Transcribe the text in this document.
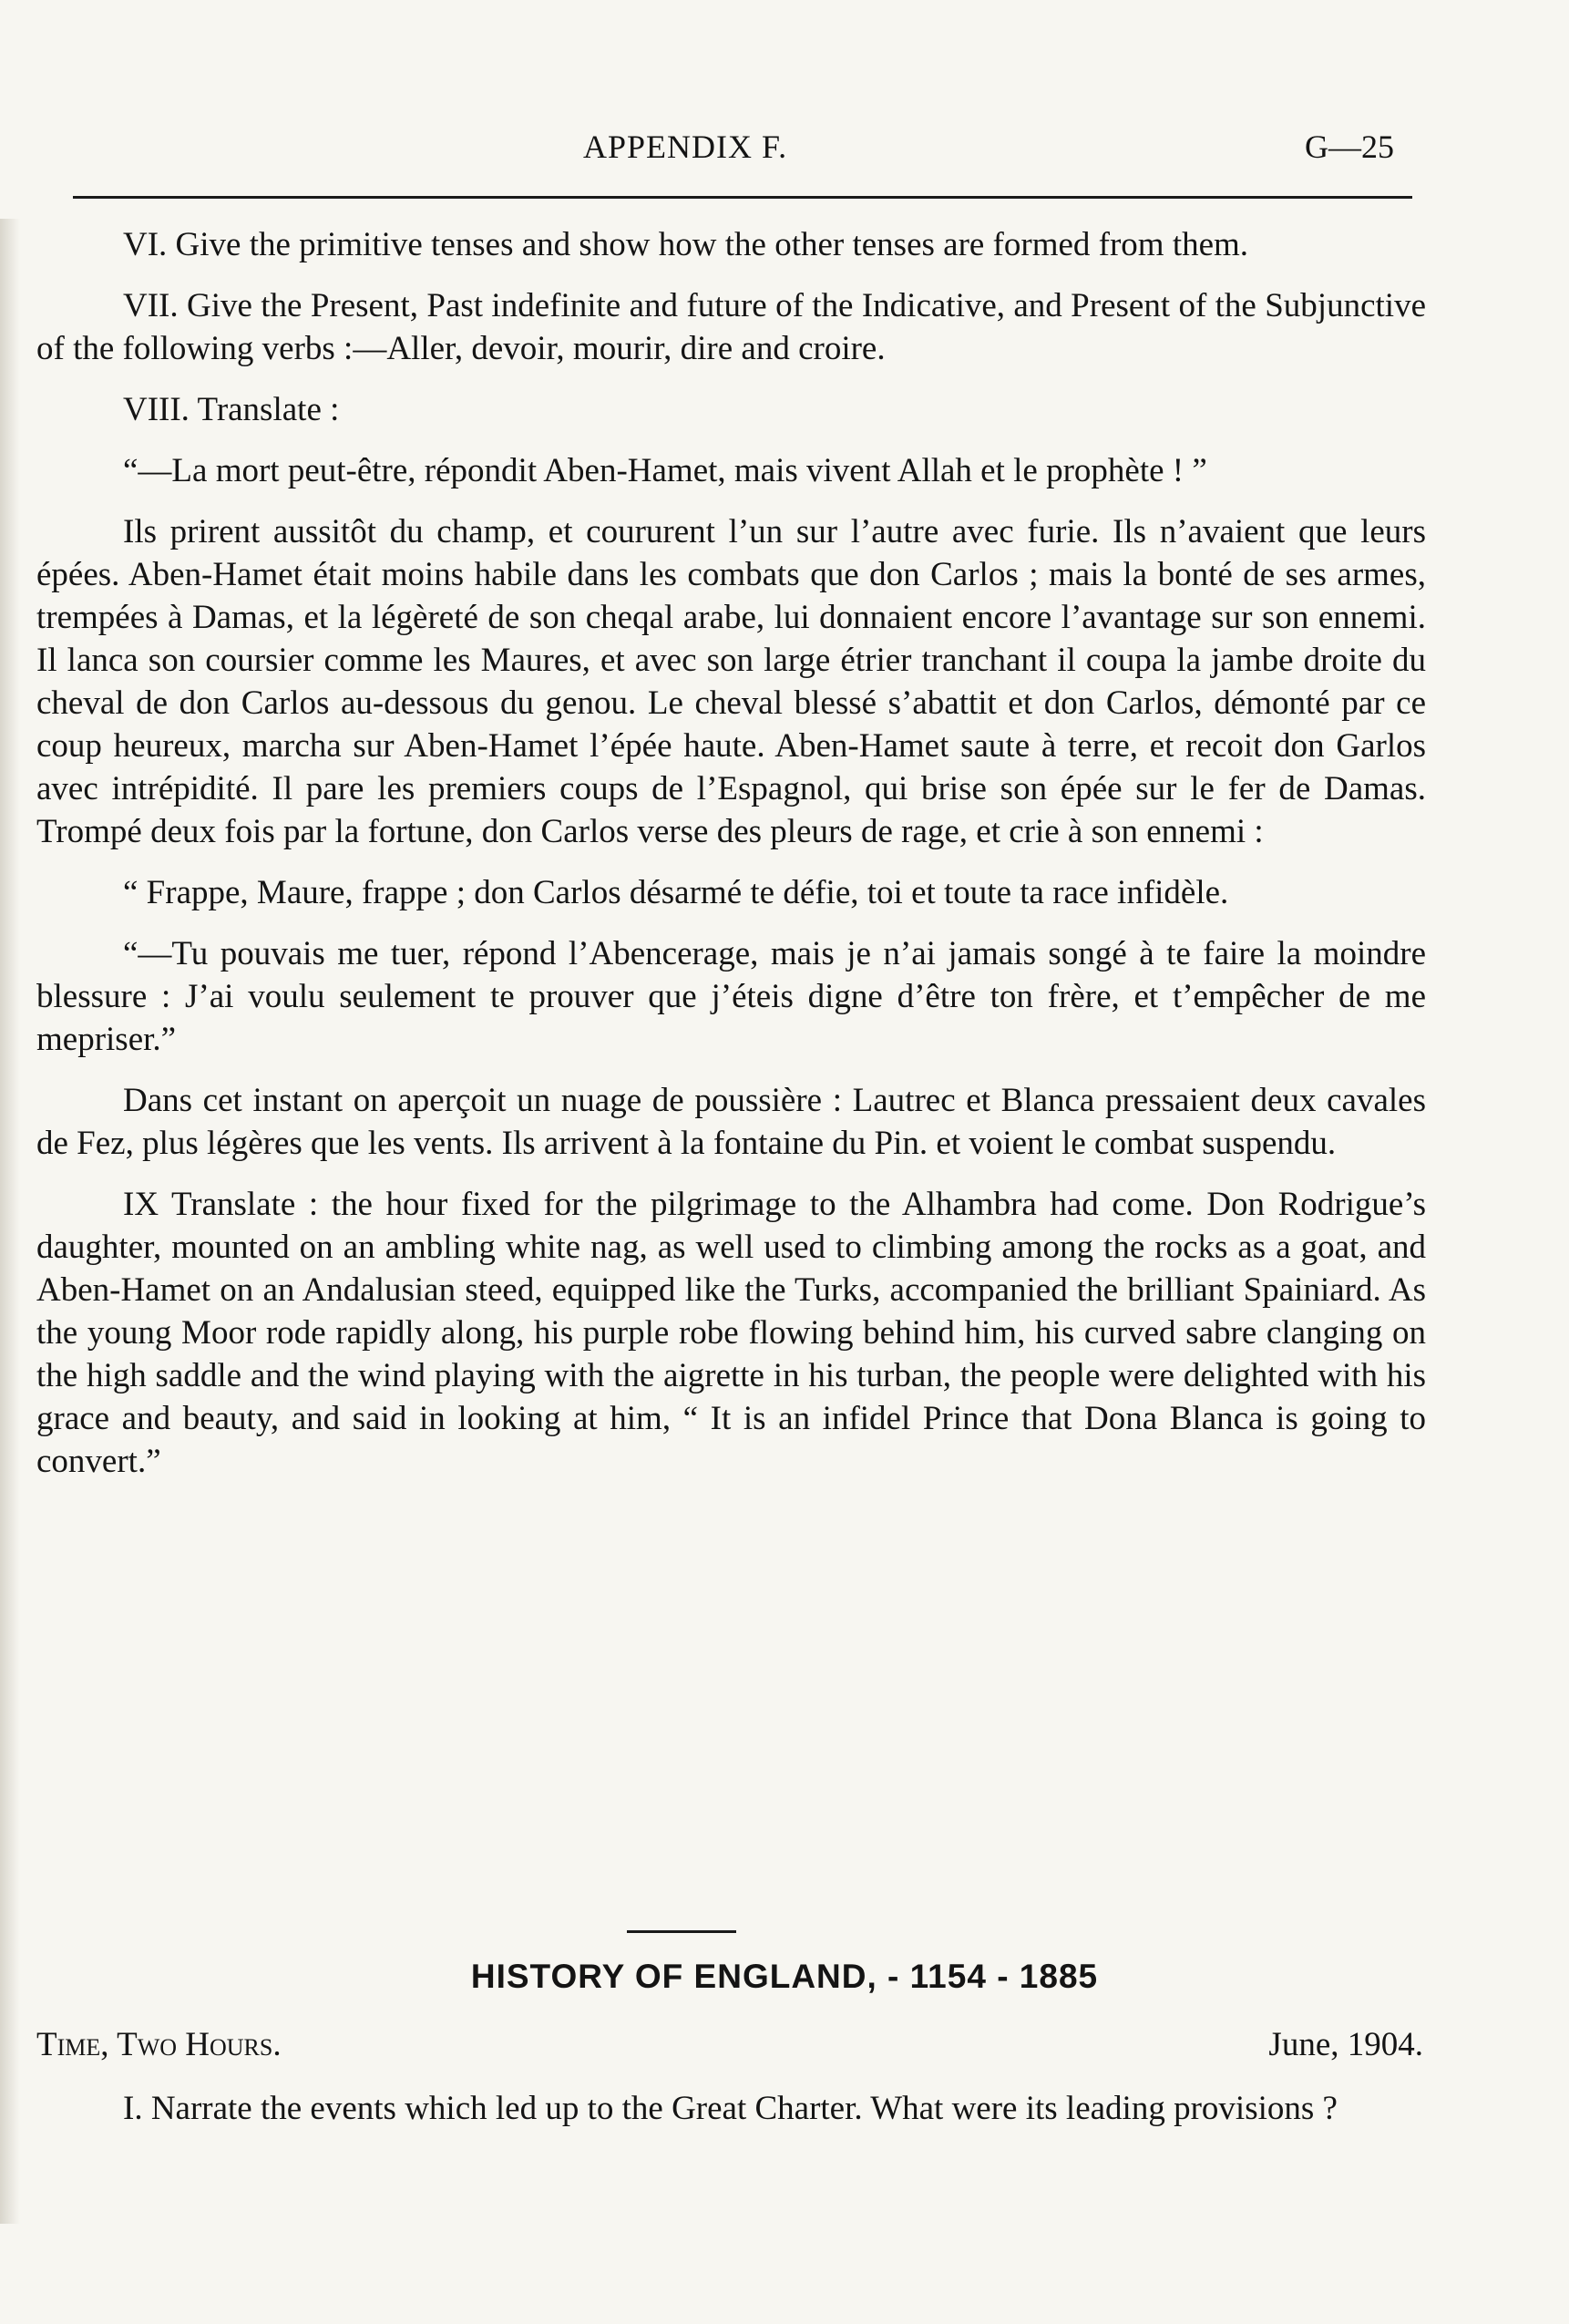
APPENDIX F.	G—25

VI. Give the primitive tenses and show how the other tenses are formed from them.

VII. Give the Present, Past indefinite and future of the Indicative, and Present of the Subjunctive of the following verbs :—Aller, devoir, mourir, dire and croire.

VIII. Translate :

“—La mort peut-être, répondit Aben-Hamet, mais vivent Allah et le prophète ! ”

Ils prirent aussitôt du champ, et coururent l’un sur l’autre avec furie. Ils n’avaient que leurs épées. Aben-Hamet était moins habile dans les combats que don Carlos ; mais la bonté de ses armes, trempées à Damas, et la légèreté de son cheqal arabe, lui donnaient encore l’avantage sur son ennemi. Il lanca son coursier comme les Maures, et avec son large étrier tranchant il coupa la jambe droite du cheval de don Carlos au-dessous du genou. Le cheval blessé s’abattit et don Carlos, démonté par ce coup heureux, marcha sur Aben-Hamet l’épée haute. Aben-Hamet saute à terre, et recoit don Garlos avec intrépidité. Il pare les premiers coups de l’Espagnol, qui brise son épée sur le fer de Damas. Trompé deux fois par la fortune, don Carlos verse des pleurs de rage, et crie à son ennemi :

“ Frappe, Maure, frappe ; don Carlos désarmé te défie, toi et toute ta race infidèle.

“—Tu pouvais me tuer, répond l’Abencerage, mais je n’ai jamais songé à te faire la moindre blessure : J’ai voulu seulement te prouver que j’éteis digne d’être ton frère, et t’empêcher de me mepriser.”

Dans cet instant on aperçoit un nuage de poussière : Lautrec et Blanca pressaient deux cavales de Fez, plus légères que les vents. Ils arrivent à la fontaine du Pin. et voient le combat suspendu.

IX Translate : the hour fixed for the pilgrimage to the Alhambra had come. Don Rodrigue’s daughter, mounted on an ambling white nag, as well used to climbing among the rocks as a goat, and Aben-Hamet on an Andalusian steed, equipped like the Turks, accompanied the brilliant Spainiard. As the young Moor rode rapidly along, his purple robe flowing behind him, his curved sabre clanging on the high saddle and the wind playing with the aigrette in his turban, the people were delighted with his grace and beauty, and said in looking at him, “ It is an infidel Prince that Dona Blanca is going to convert.”

HISTORY OF ENGLAND, - 1154 - 1885
Time, Two Hours.	June, 1904.

I. Narrate the events which led up to the Great Charter. What were its leading provisions ?
